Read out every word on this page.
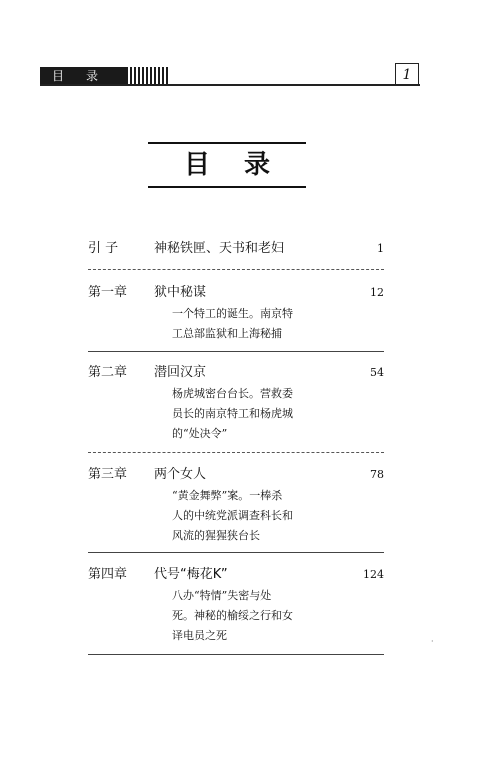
目录	1
目录
引 子	神秘铁匣、天书和老妇	1
第一章 狱中秘谋	12
一个特工的诞生。南京特
工总部监狱和上海秘捕
第二章 潜回汉京	54
杨虎城密台台长。营救委
员长的南京特工和杨虎城
的“处决令”
第三章 两个女人	78
“黄金舞弊”案。一棒杀
人的中统党派调查科长和
风流的猩猩狭台长
第四章 代号“梅花K”	124
八办“特情”失密与处
死。神秘的榆绥之行和女
译电员之死	·
